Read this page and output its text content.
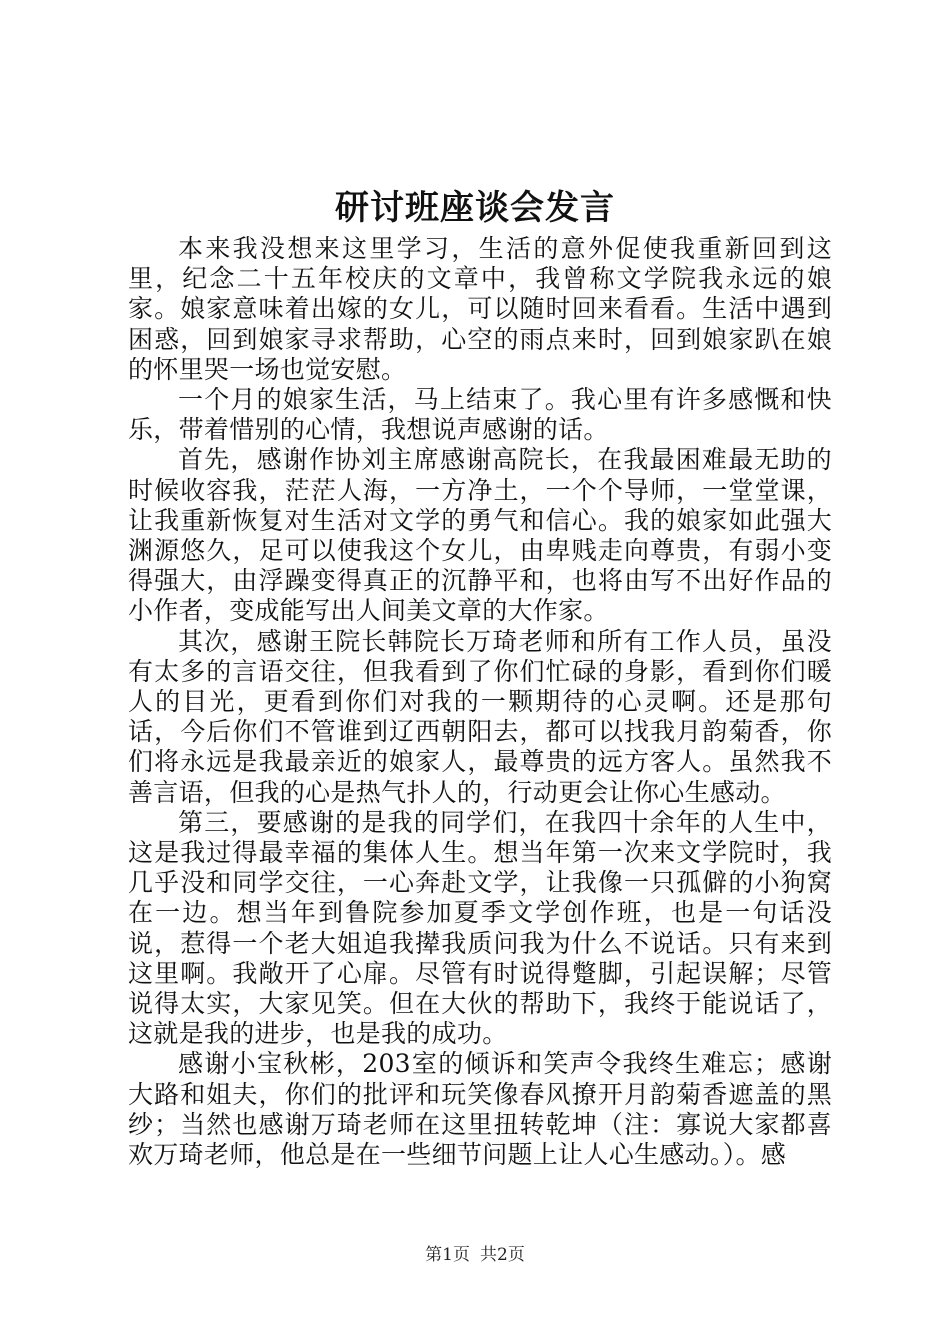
研讨班座谈会发言

本来我没想来这里学习，生活的意外促使我重新回到这里，纪念二十五年校庆的文章中，我曾称文学院我永远的娘家。娘家意味着出嫁的女儿，可以随时回来看看。生活中遇到困惑，回到娘家寻求帮助，心空的雨点来时，回到娘家趴在娘的怀里哭一场也觉安慰。

一个月的娘家生活，马上结束了。我心里有许多感慨和快乐，带着惜别的心情，我想说声感谢的话。

首先，感谢作协刘主席感谢高院长，在我最困难最无助的时候收容我，茫茫人海，一方净土，一个个导师，一堂堂课，让我重新恢复对生活对文学的勇气和信心。我的娘家如此强大渊源悠久，足可以使我这个女儿，由卑贱走向尊贵，有弱小变得强大，由浮躁变得真正的沉静平和，也将由写不出好作品的小作者，变成能写出人间美文章的大作家。

其次，感谢王院长韩院长万琦老师和所有工作人员，虽没有太多的言语交往，但我看到了你们忙碌的身影，看到你们暖人的目光，更看到你们对我的一颗期待的心灵啊。还是那句话，今后你们不管谁到辽西朝阳去，都可以找我月韵菊香，你们将永远是我最亲近的娘家人，最尊贵的远方客人。虽然我不善言语，但我的心是热气扑人的，行动更会让你心生感动。

第三，要感谢的是我的同学们，在我四十余年的人生中，这是我过得最幸福的集体人生。想当年第一次来文学院时，我几乎没和同学交往，一心奔赴文学，让我像一只孤僻的小狗窝在一边。想当年到鲁院参加夏季文学创作班，也是一句话没说，惹得一个老大姐追我撵我质问我为什么不说话。只有来到这里啊。我敞开了心扉。尽管有时说得蹩脚，引起误解；尽管说得太实，大家见笑。但在大伙的帮助下，我终于能说话了，这就是我的进步，也是我的成功。

感谢小宝秋彬，203室的倾诉和笑声令我终生难忘；感谢大路和姐夫，你们的批评和玩笑像春风撩开月韵菊香遮盖的黑纱；当然也感谢万琦老师在这里扭转乾坤（注：寡说大家都喜欢万琦老师，他总是在一些细节问题上让人心生感动。）。感

第1页 共2页
